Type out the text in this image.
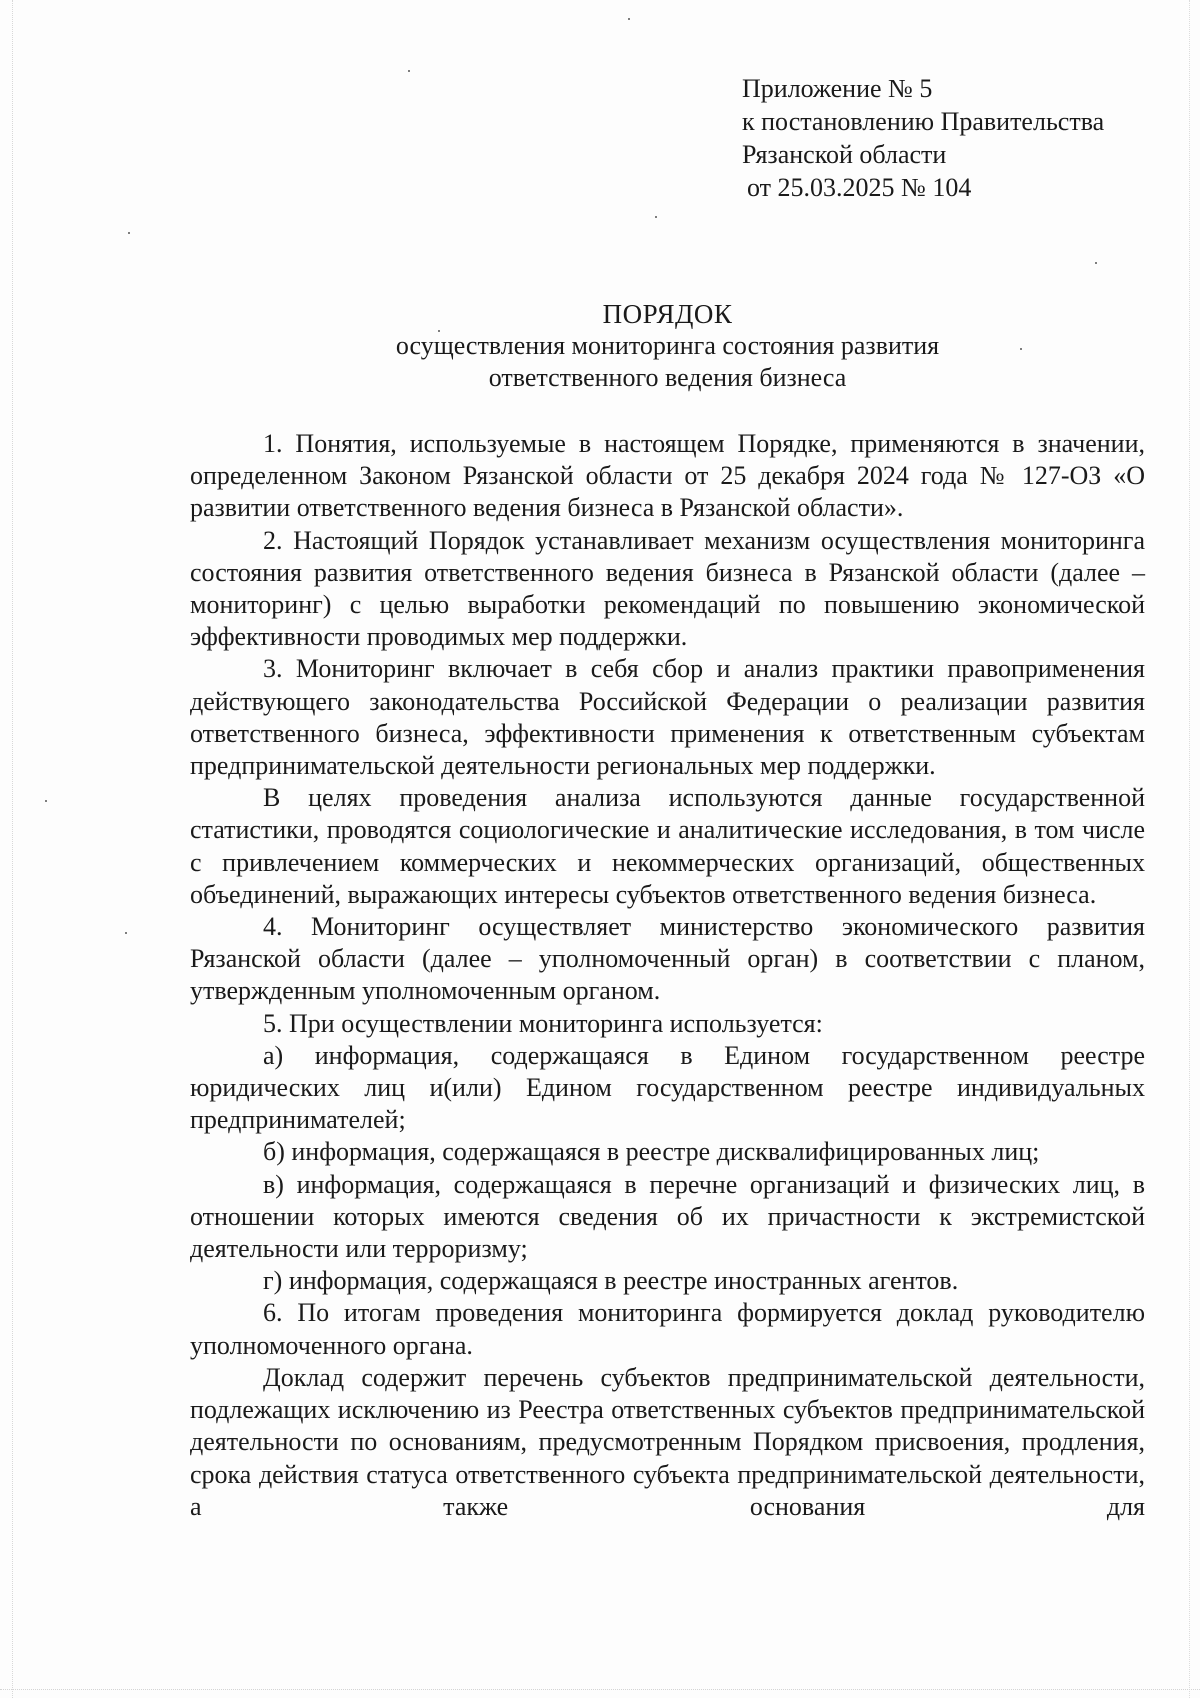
Приложение № 5
к постановлению Правительства
Рязанской области
от 25.03.2025 № 104
ПОРЯДОК
осуществления мониторинга состояния развития
ответственного ведения бизнеса

1. Понятия, используемые в настоящем Порядке, применяются в значении, определенном Законом Рязанской области от 25 декабря 2024 года № 127-ОЗ «О развитии ответственного ведения бизнеса в Рязанской области».

2. Настоящий Порядок устанавливает механизм осуществления мониторинга состояния развития ответственного ведения бизнеса в Рязанской области (далее – мониторинг) с целью выработки рекомендаций по повышению экономической эффективности проводимых мер поддержки.

3. Мониторинг включает в себя сбор и анализ практики правоприменения действующего законодательства Российской Федерации о реализации развития ответственного бизнеса, эффективности применения к ответственным субъектам предпринимательской деятельности региональных мер поддержки.

В целях проведения анализа используются данные государственной статистики, проводятся социологические и аналитические исследования, в том числе с привлечением коммерческих и некоммерческих организаций, общественных объединений, выражающих интересы субъектов ответственного ведения бизнеса.

4. Мониторинг осуществляет министерство экономического развития Рязанской области (далее – уполномоченный орган) в соответствии с планом, утвержденным уполномоченным органом.

5. При осуществлении мониторинга используется:

а) информация, содержащаяся в Едином государственном реестре юридических лиц и(или) Едином государственном реестре индивидуальных предпринимателей;

б) информация, содержащаяся в реестре дисквалифицированных лиц;

в) информация, содержащаяся в перечне организаций и физических лиц, в отношении которых имеются сведения об их причастности к экстремистской деятельности или терроризму;

г) информация, содержащаяся в реестре иностранных агентов.

6. По итогам проведения мониторинга формируется доклад руководителю уполномоченного органа.

Доклад содержит перечень субъектов предпринимательской деятельности, подлежащих исключению из Реестра ответственных субъектов предпринимательской деятельности по основаниям, предусмотренным Порядком присвоения, продления, срока действия статуса ответственного субъекта предпринимательской деятельности, а также основания для
